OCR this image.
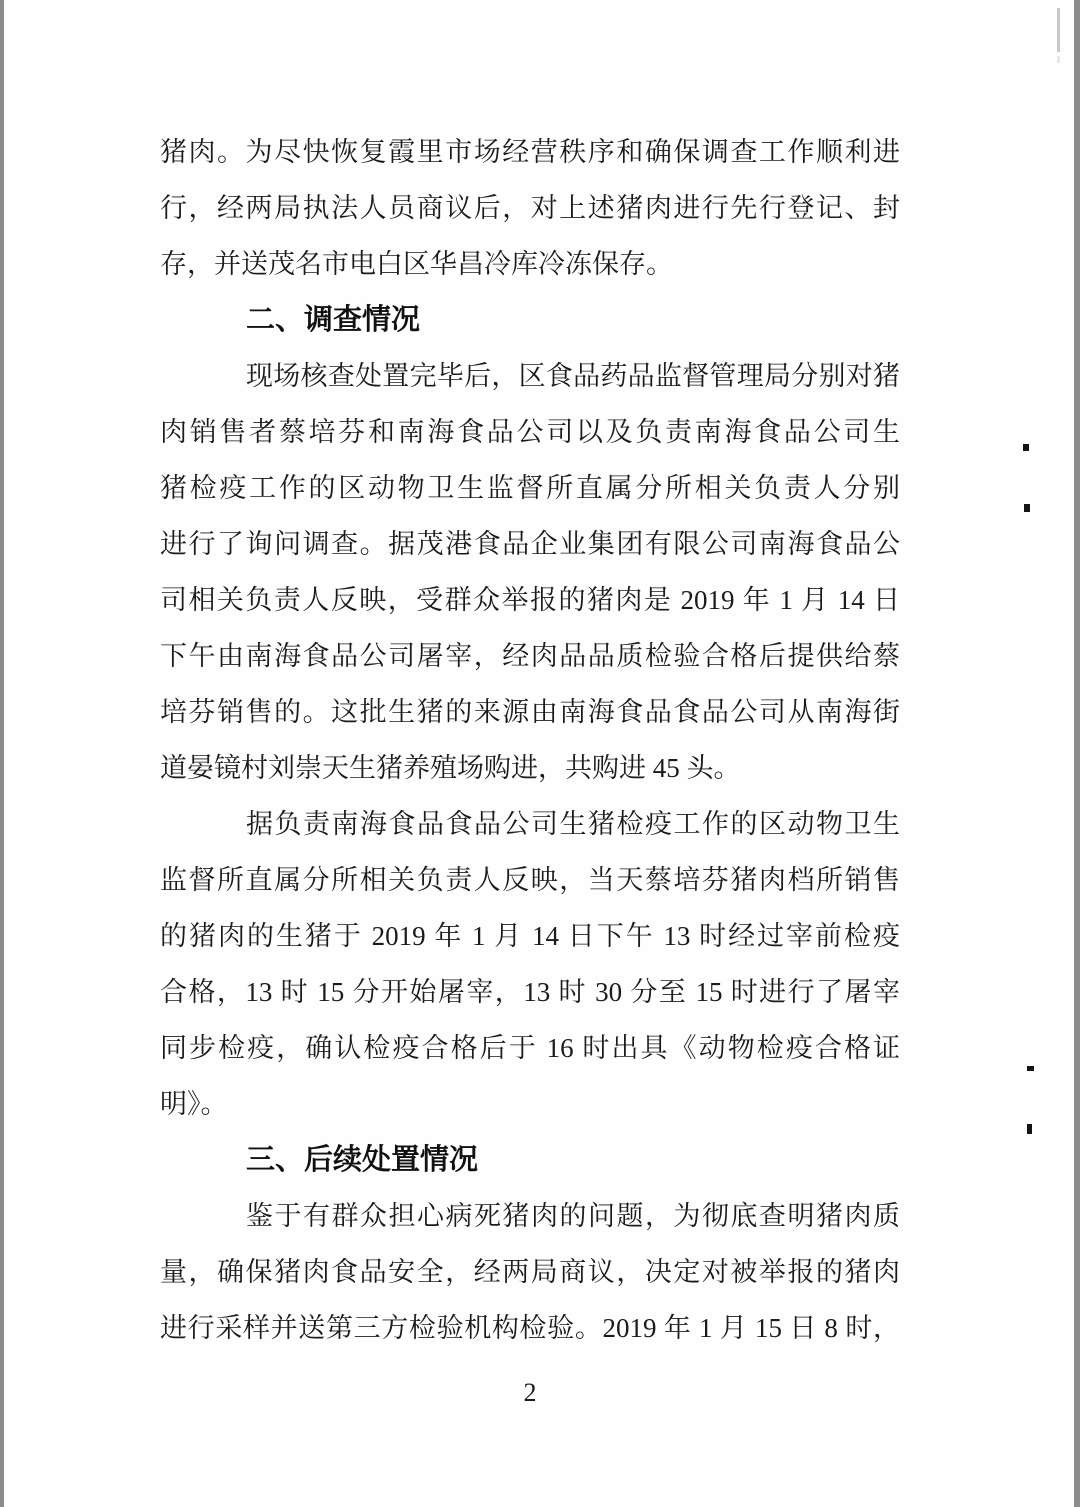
猪肉。为尽快恢复霞里市场经营秩序和确保调查工作顺利进
行，经两局执法人员商议后，对上述猪肉进行先行登记、封
存，并送茂名市电白区华昌冷库冷冻保存。
二、调查情况
现场核查处置完毕后，区食品药品监督管理局分别对猪
肉销售者蔡培芬和南海食品公司以及负责南海食品公司生
猪检疫工作的区动物卫生监督所直属分所相关负责人分别
进行了询问调查。据茂港食品企业集团有限公司南海食品公
司相关负责人反映，受群众举报的猪肉是 2019 年 1 月 14 日
下午由南海食品公司屠宰，经肉品品质检验合格后提供给蔡
培芬销售的。这批生猪的来源由南海食品食品公司从南海街
道晏镜村刘崇天生猪养殖场购进，共购进 45 头。
据负责南海食品食品公司生猪检疫工作的区动物卫生
监督所直属分所相关负责人反映，当天蔡培芬猪肉档所销售
的猪肉的生猪于 2019 年 1 月 14 日下午 13 时经过宰前检疫
合格，13 时 15 分开始屠宰，13 时 30 分至 15 时进行了屠宰
同步检疫，确认检疫合格后于 16 时出具《动物检疫合格证
明》。
三、后续处置情况
鉴于有群众担心病死猪肉的问题，为彻底查明猪肉质
量，确保猪肉食品安全，经两局商议，决定对被举报的猪肉
进行采样并送第三方检验机构检验。2019 年 1 月 15 日 8 时，
2
